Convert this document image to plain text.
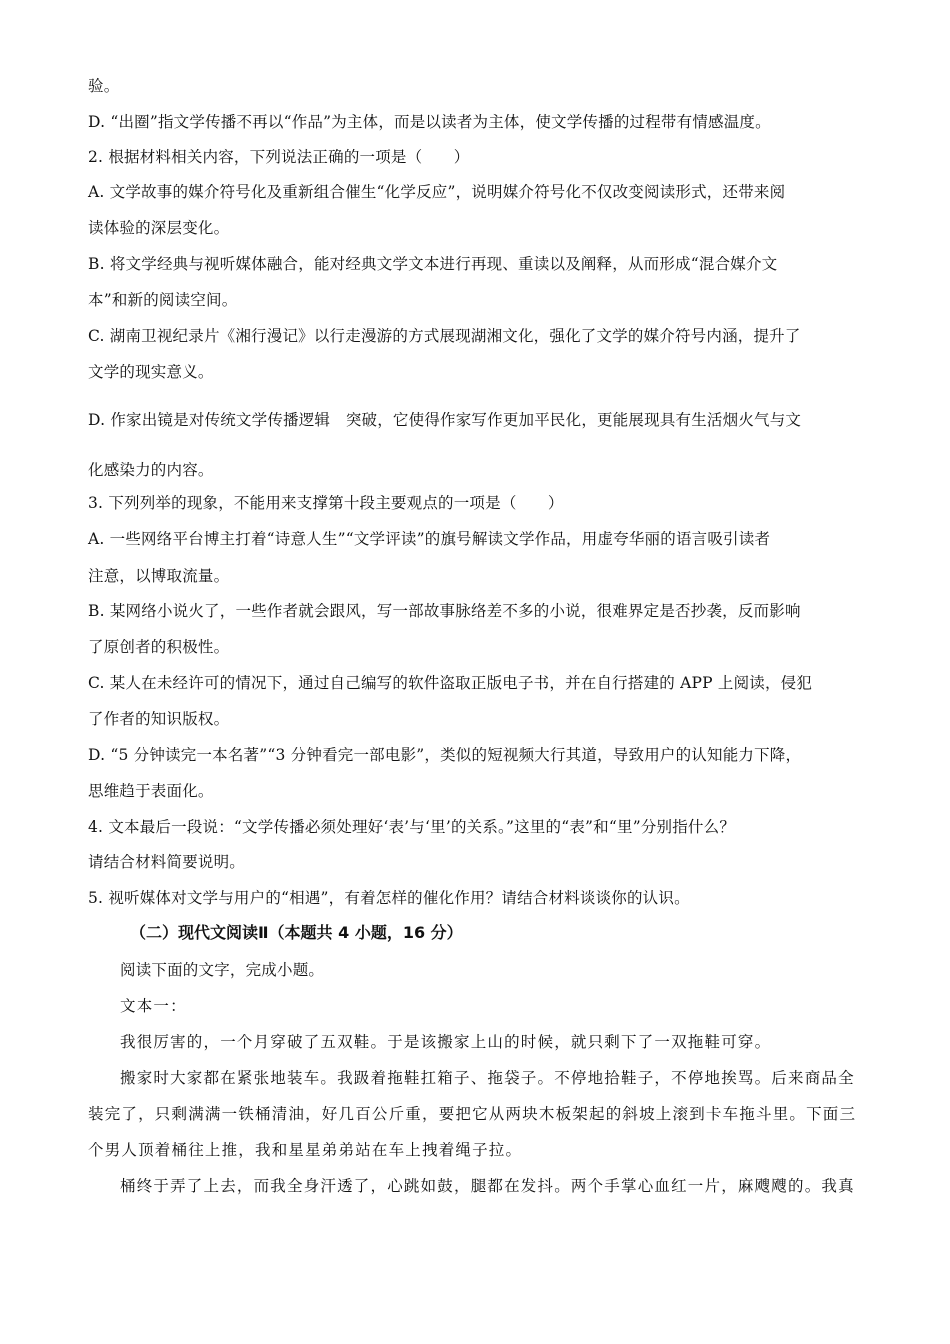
验。
D. “出圈”指文学传播不再以“作品”为主体，而是以读者为主体，使文学传播的过程带有情感温度。
2. 根据材料相关内容，下列说法正确的一项是（　　）
A. 文学故事的媒介符号化及重新组合催生“化学反应”，说明媒介符号化不仅改变阅读形式，还带来阅
读体验的深层变化。
B. 将文学经典与视听媒体融合，能对经典文学文本进行再现、重读以及阐释，从而形成“混合媒介文
本”和新的阅读空间。
C. 湖南卫视纪录片《湘行漫记》以行走漫游的方式展现湖湘文化，强化了文学的媒介符号内涵，提升了
文学的现实意义。
D. 作家出镜是对传统文学传播逻辑　突破，它使得作家写作更加平民化，更能展现具有生活烟火气与文
化感染力的内容。
3. 下列列举的现象，不能用来支撑第十段主要观点的一项是（　　）
A. 一些网络平台博主打着“诗意人生”“文学评读”的旗号解读文学作品，用虚夸华丽的语言吸引读者
注意，以博取流量。
B. 某网络小说火了，一些作者就会跟风，写一部故事脉络差不多的小说，很难界定是否抄袭，反而影响
了原创者的积极性。
C. 某人在未经许可的情况下，通过自己编写的软件盗取正版电子书，并在自行搭建的 APP 上阅读，侵犯
了作者的知识版权。
D. “5 分钟读完一本名著”“3 分钟看完一部电影”，类似的短视频大行其道，导致用户的认知能力下降，
思维趋于表面化。
4. 文本最后一段说：“文学传播必须处理好‘表’与‘里’的关系。”这里的“表”和“里”分别指什么？
请结合材料简要说明。
5. 视听媒体对文学与用户的“相遇”，有着怎样的催化作用？请结合材料谈谈你的认识。
（二）现代文阅读Ⅱ（本题共 4 小题，16 分）
阅读下面的文字，完成小题。
文本一：
我很厉害的，一个月穿破了五双鞋。于是该搬家上山的时候，就只剩下了一双拖鞋可穿。
搬家时大家都在紧张地装车。我趿着拖鞋扛箱子、拖袋子。不停地拾鞋子，不停地挨骂。后来商品全
装完了，只剩满满一铁桶清油，好几百公斤重，要把它从两块木板架起的斜坡上滚到卡车拖斗里。下面三
个男人顶着桶往上推，我和星星弟弟站在车上拽着绳子拉。
桶终于弄了上去，而我全身汗透了，心跳如鼓，腿都在发抖。两个手掌心血红一片，麻飕飕的。我真
